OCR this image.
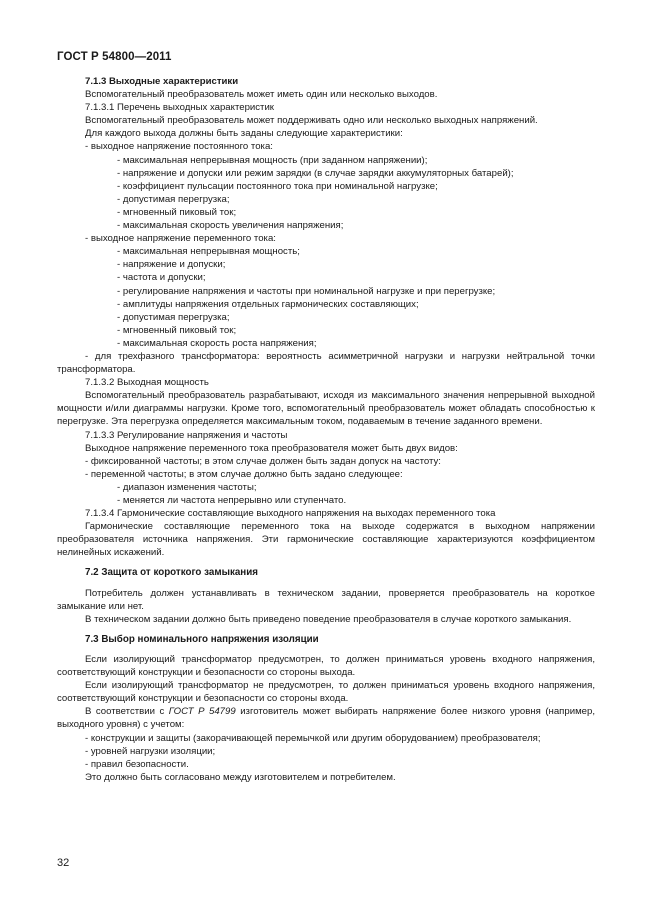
ГОСТ Р 54800—2011

7.1.3 Выходные характеристики

Вспомогательный преобразователь может иметь один или несколько выходов.

7.1.3.1 Перечень выходных характеристик

Вспомогательный преобразователь может поддерживать одно или несколько выходных напряжений.

Для каждого выхода должны быть заданы следующие характеристики:

- выходное напряжение постоянного тока:

- максимальная непрерывная мощность (при заданном напряжении);

- напряжение и допуски или режим зарядки (в случае зарядки аккумуляторных батарей);

- коэффициент пульсации постоянного тока при номинальной нагрузке;

- допустимая перегрузка;

- мгновенный пиковый ток;

- максимальная скорость увеличения напряжения;

- выходное напряжение переменного тока:

- максимальная непрерывная мощность;

- напряжение и допуски;

- частота и допуски;

- регулирование напряжения и частоты при номинальной нагрузке и при перегрузке;

- амплитуды напряжения отдельных гармонических составляющих;

- допустимая перегрузка;

- мгновенный пиковый ток;

- максимальная скорость роста напряжения;

- для трехфазного трансформатора: вероятность асимметричной нагрузки и нагрузки нейтральной точки трансформатора.

7.1.3.2 Выходная мощность

Вспомогательный преобразователь разрабатывают, исходя из максимального значения непрерывной выходной мощности и/или диаграммы нагрузки. Кроме того, вспомогательный преобразователь может обладать способностью к перегрузке. Эта перегрузка определяется максимальным током, подаваемым в течение заданного времени.

7.1.3.3 Регулирование напряжения и частоты

Выходное напряжение переменного тока преобразователя может быть двух видов:

- фиксированной частоты; в этом случае должен быть задан допуск на частоту:

- переменной частоты; в этом случае должно быть задано следующее:

- диапазон изменения частоты;

- меняется ли частота непрерывно или ступенчато.

7.1.3.4 Гармонические составляющие выходного напряжения на выходах переменного тока

Гармонические составляющие переменного тока на выходе содержатся в выходном напряжении преобразователя источника напряжения. Эти гармонические составляющие характеризуются коэффициентом нелинейных искажений.

7.2 Защита от короткого замыкания

Потребитель должен устанавливать в техническом задании, проверяется преобразователь на короткое замыкание или нет.

В техническом задании должно быть приведено поведение преобразователя в случае короткого замыкания.

7.3 Выбор номинального напряжения изоляции

Если изолирующий трансформатор предусмотрен, то должен приниматься уровень входного напряжения, соответствующий конструкции и безопасности со стороны выхода.

Если изолирующий трансформатор не предусмотрен, то должен приниматься уровень входного напряжения, соответствующий конструкции и безопасности со стороны входа.

В соответствии с ГОСТ Р 54799 изготовитель может выбирать напряжение более низкого уровня (например, выходного уровня) с учетом:

- конструкции и защиты (закорачивающей перемычкой или другим оборудованием) преобразователя;

- уровней нагрузки изоляции;

- правил безопасности.

Это должно быть согласовано между изготовителем и потребителем.

32
